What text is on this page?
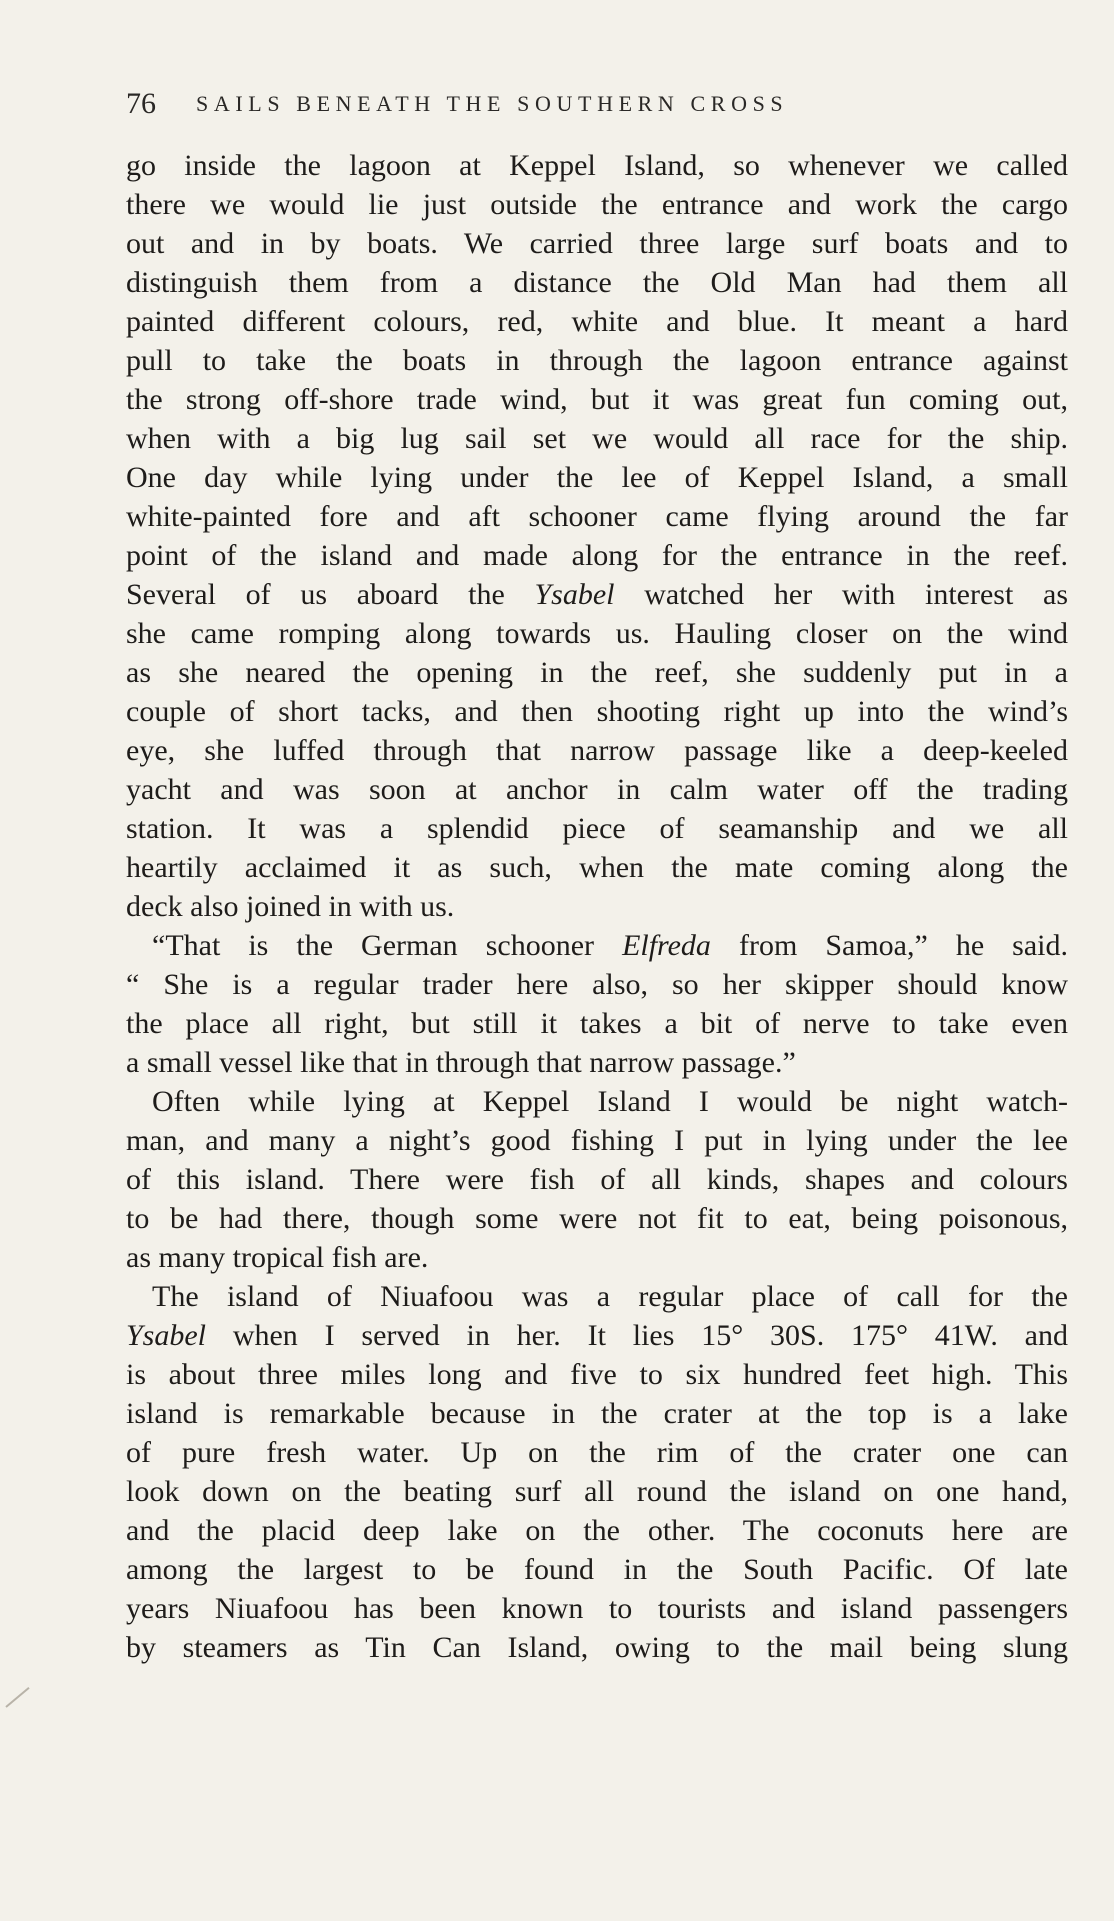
76 SAILS BENEATH THE SOUTHERN CROSS
go inside the lagoon at Keppel Island, so whenever we called
there we would lie just outside the entrance and work the cargo
out and in by boats. We carried three large surf boats and to
distinguish them from a distance the Old Man had them all
painted different colours, red, white and blue. It meant a hard
pull to take the boats in through the lagoon entrance against
the strong off-shore trade wind, but it was great fun coming out,
when with a big lug sail set we would all race for the ship.
One day while lying under the lee of Keppel Island, a small
white-painted fore and aft schooner came flying around the far
point of the island and made along for the entrance in the reef.
Several of us aboard the Ysabel watched her with interest as
she came romping along towards us. Hauling closer on the wind
as she neared the opening in the reef, she suddenly put in a
couple of short tacks, and then shooting right up into the wind’s
eye, she luffed through that narrow passage like a deep-keeled
yacht and was soon at anchor in calm water off the trading
station. It was a splendid piece of seamanship and we all
heartily acclaimed it as such, when the mate coming along the
deck also joined in with us.
“That is the German schooner Elfreda from Samoa,” he said.
“ She is a regular trader here also, so her skipper should know
the place all right, but still it takes a bit of nerve to take even
a small vessel like that in through that narrow passage.”
Often while lying at Keppel Island I would be night watch-
man, and many a night’s good fishing I put in lying under the lee
of this island. There were fish of all kinds, shapes and colours
to be had there, though some were not fit to eat, being poisonous,
as many tropical fish are.
The island of Niuafoou was a regular place of call for the
Ysabel when I served in her. It lies 15° 30S. 175° 41W. and
is about three miles long and five to six hundred feet high. This
island is remarkable because in the crater at the top is a lake
of pure fresh water. Up on the rim of the crater one can
look down on the beating surf all round the island on one hand,
and the placid deep lake on the other. The coconuts here are
among the largest to be found in the South Pacific. Of late
years Niuafoou has been known to tourists and island passengers
by steamers as Tin Can Island, owing to the mail being slung
